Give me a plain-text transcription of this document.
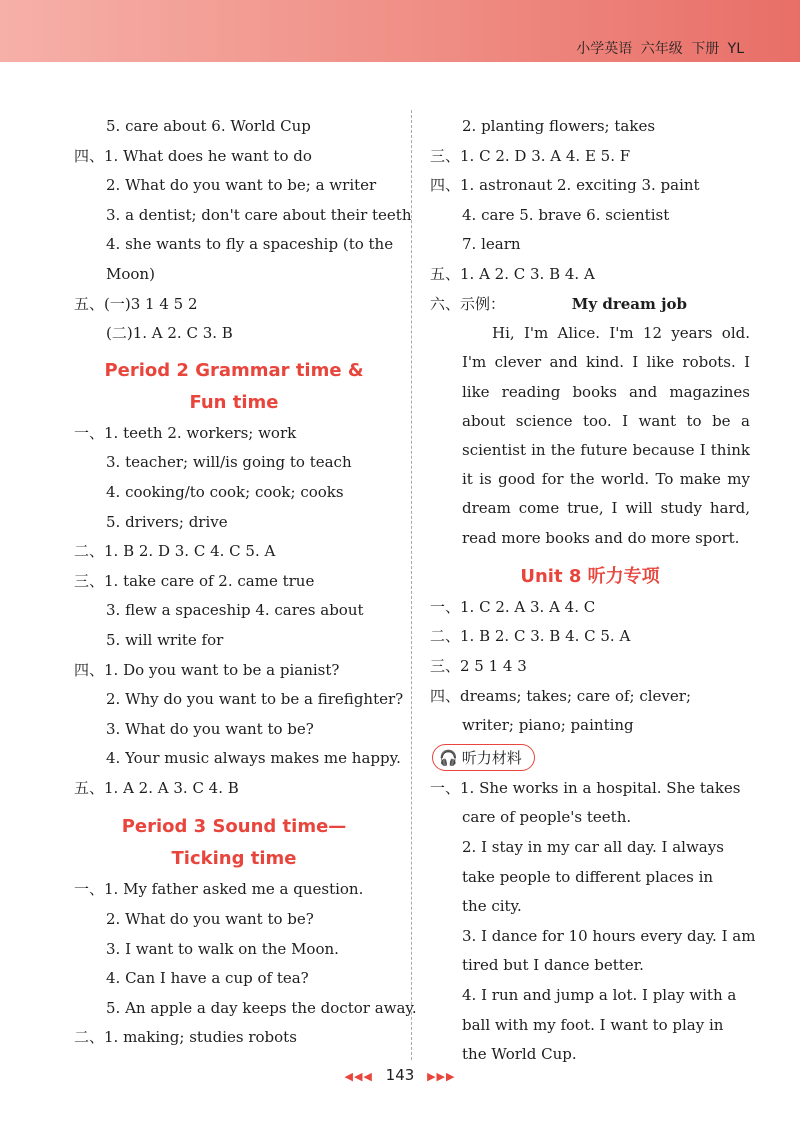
小学英语 六年级 下册 YL
5. care about 6. World Cup
四、1. What does he want to do
2. What do you want to be; a writer
3. a dentist; don't care about their teeth
4. she wants to fly a spaceship (to the
Moon)
五、(一)3 1 4 5 2
(二)1. A 2. C 3. B
Period 2 Grammar time &
Fun time
一、1. teeth 2. workers; work
3. teacher; will/is going to teach
4. cooking/to cook; cook; cooks
5. drivers; drive
二、1. B 2. D 3. C 4. C 5. A
三、1. take care of 2. came true
3. flew a spaceship 4. cares about
5. will write for
四、1. Do you want to be a pianist?
2. Why do you want to be a firefighter?
3. What do you want to be?
4. Your music always makes me happy.
五、1. A 2. A 3. C 4. B
Period 3 Sound time—
Ticking time
一、1. My father asked me a question.
2. What do you want to be?
3. I want to walk on the Moon.
4. Can I have a cup of tea?
5. An apple a day keeps the doctor away.
二、1. making; studies robots
2. planting flowers; takes
三、1. C 2. D 3. A 4. E 5. F
四、1. astronaut 2. exciting 3. paint
4. care 5. brave 6. scientist
7. learn
五、1. A 2. C 3. B 4. A
六、示例：	My dream job
Hi, I'm Alice. I'm 12 years old. I'm clever and kind. I like robots. I like reading books and magazines about science too. I want to be a scientist in the future because I think it is good for the world. To make my dream come true, I will study hard, read more books and do more sport.
Unit 8 听力专项
一、1. C 2. A 3. A 4. C
二、1. B 2. C 3. B 4. C 5. A
三、2 5 1 4 3
四、dreams; takes; care of; clever;
writer; piano; painting
🎧 听力材料
一、1. She works in a hospital. She takes
care of people's teeth.
2. I stay in my car all day. I always
take people to different places in
the city.
3. I dance for 10 hours every day. I am
tired but I dance better.
4. I run and jump a lot. I play with a
ball with my foot. I want to play in
the World Cup.
◀◀◀ 143 ▶▶▶
